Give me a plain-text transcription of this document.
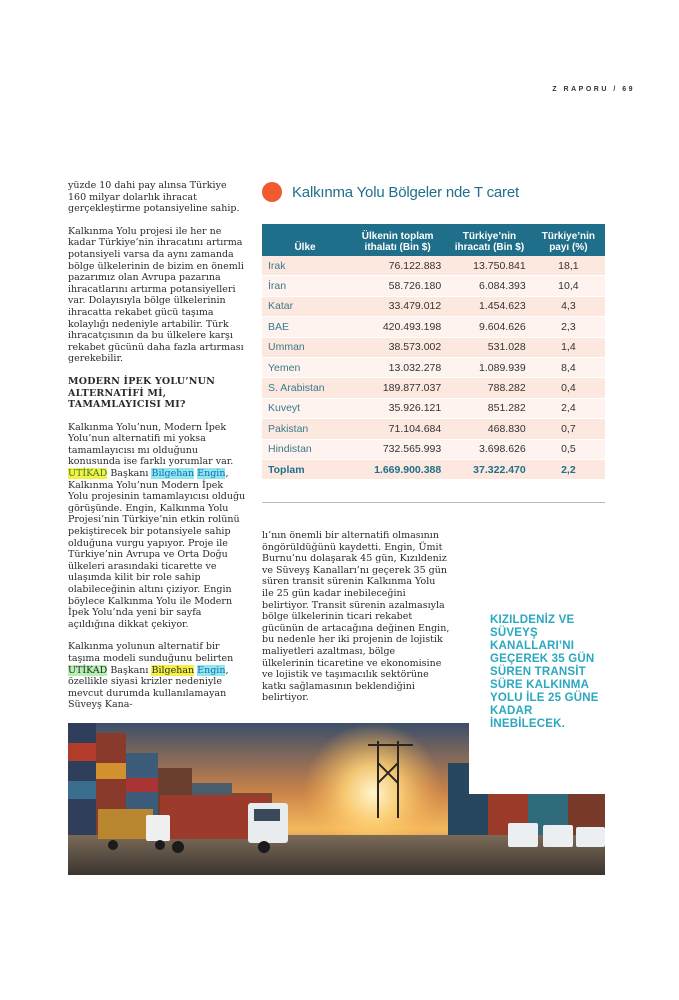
Z RAPORU / 69

yüzde 10 dahi pay alınsa Türkiye 160 milyar dolarlık ihracat gerçekleştirme potansiyeline sahip.

Kalkınma Yolu projesi ile her ne kadar Türkiye’nin ihracatını artırma potansiyeli varsa da aynı zamanda bölge ülkelerinin de bizim en önemli pazarımız olan Avrupa pazarına ihracatlarını artırma potansiyelleri var. Dolayısıyla bölge ülkelerinin ihracatta rekabet gücü taşıma kolaylığı nedeniyle artabilir. Türk ihracatçısının da bu ülkelere karşı rekabet gücünü daha fazla artırması gerekebilir.

MODERN İPEK YOLU’NUN ALTERNATİFİ Mİ, TAMAMLAYICISI MI?

Kalkınma Yolu’nun, Modern İpek Yolu’nun alternatifi mi yoksa tamamlayıcısı mı olduğunu konusunda ise farklı yorumlar var. UTİKAD Başkanı Bilgehan Engin, Kalkınma Yolu’nun Modern İpek Yolu projesinin tamamlayıcısı olduğu görüşünde. Engin, Kalkınma Yolu Projesi’nin Türkiye’nin etkin rolünü pekiştirecek bir potansiyele sahip olduğuna vurgu yapıyor. Proje ile Türkiye’nin Avrupa ve Orta Doğu ülkeleri arasındaki ticarette ve ulaşımda kilit bir role sahip olabileceğinin altını çiziyor. Engin böylece Kalkınma Yolu ile Modern İpek Yolu’nda yeni bir sayfa açıldığına dikkat çekiyor.

Kalkınma yolunun alternatif bir taşıma modeli sunduğunu belirten UTİKAD Başkanı Bilgehan Engin, özellikle siyasi krizler nedeniyle mevcut durumda kullanılamayan Süveyş Kana-

Kalkınma Yolu Bölgeler nde T caret
Ülke	Ülkenin toplam ithalatı (Bin $)	Türkiye’nin ihracatı (Bin $)	Türkiye’nin payı (%)
Irak	76.122.883	13.750.841	18,1
İran	58.726.180	6.084.393	10,4
Katar	33.479.012	1.454.623	4,3
BAE	420.493.198	9.604.626	2,3
Umman	38.573.002	531.028	1,4
Yemen	13.032.278	1.089.939	8,4
S. Arabistan	189.877.037	788.282	0,4
Kuveyt	35.926.121	851.282	2,4
Pakistan	71.104.684	468.830	0,7
Hindistan	732.565.993	3.698.626	0,5
Toplam	1.669.900.388	37.322.470	2,2

lı’nın önemli bir alternatifi olmasının öngörüldüğünü kaydetti. Engin, Ümit Burnu’nu dolaşarak 45 gün, Kızıldeniz ve Süveyş Kanalları’nı geçerek 35 gün süren transit sürenin Kalkınma Yolu ile 25 gün kadar inebileceğini belirtiyor. Transit sürenin azalmasıyla bölge ülkelerinin ticari rekabet gücünün de artacağına değinen Engin, bu nedenle her iki projenin de lojistik maliyetleri azaltması, bölge ülkelerinin ticaretine ve ekonomisine ve lojistik ve taşımacılık sektörüne katkı sağlamasının beklendiğini belirtiyor.

KIZILDENİZ VE SÜVEYŞ KANALLARI’NI GEÇEREK 35 GÜN SÜREN TRANSİT SÜRE KALKINMA YOLU İLE 25 GÜNE KADAR İNEBİLECEK.
